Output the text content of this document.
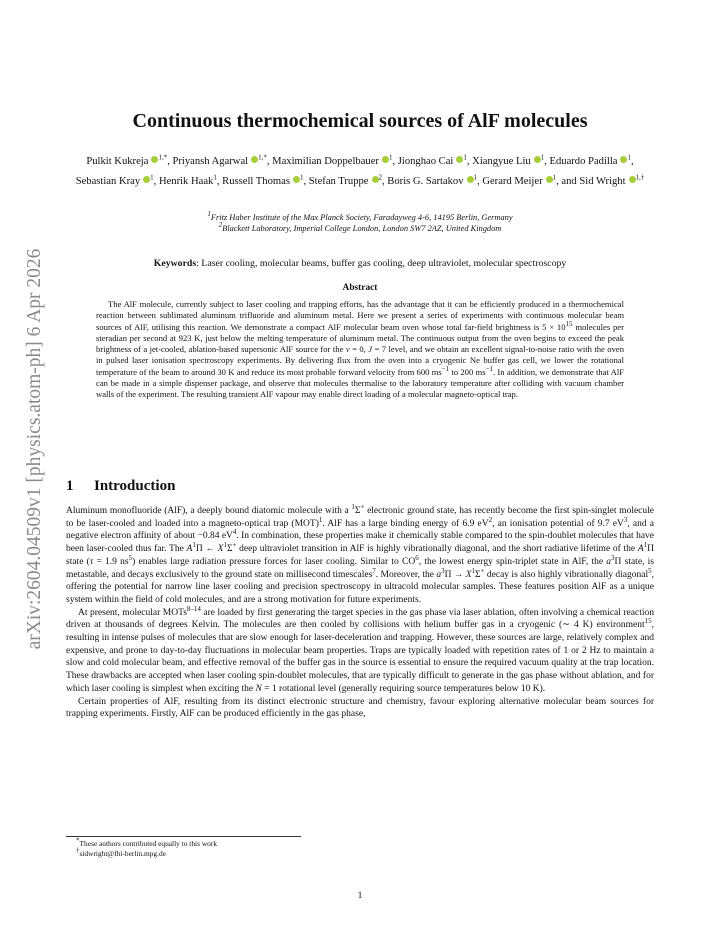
arXiv:2604.04509v1 [physics.atom-ph] 6 Apr 2026
Continuous thermochemical sources of AlF molecules
Pulkit Kukreja $^{1,*}$, Priyansh Agarwal $^{1,*}$, Maximilian Doppelbauer $^1$, Jionghao Cai $^1$, Xiangyue Liu $^1$, Eduardo Padilla $^1$, Sebastian Kray $^1$, Henrik Haak$^1$, Russell Thomas $^1$, Stefan Truppe $^2$, Boris G. Sartakov $^1$, Gerard Meijer $^1$, and Sid Wright $^{1,\dagger}$
$^1$Fritz Haber Institute of the Max Planck Society, Faradayweg 4-6, 14195 Berlin, Germany
$^2$Blackett Laboratory, Imperial College London, London SW7 2AZ, United Kingdom
Keywords: Laser cooling, molecular beams, buffer gas cooling, deep ultraviolet, molecular spectroscopy
Abstract
The AlF molecule, currently subject to laser cooling and trapping efforts, has the advantage that it can be efficiently produced in a thermochemical reaction between sublimated aluminum trifluoride and aluminum metal. Here we present a series of experiments with continuous molecular beam sources of AlF, utilising this reaction. We demonstrate a compact AlF molecular beam oven whose total far-field brightness is $5 \times 10^{15}$ molecules per steradian per second at 923 K, just below the melting temperature of aluminum metal. The continuous output from the oven begins to exceed the peak brightness of a jet-cooled, ablation-based supersonic AlF source for the v = 0, J = 7 level, and we obtain an excellent signal-to-noise ratio with the oven in pulsed laser ionisation spectroscopy experiments. By delivering flux from the oven into a cryogenic Ne buffer gas cell, we lower the rotational temperature of the beam to around 30 K and reduce its most probable forward velocity from 600 $ms^{-1}$ to 200 $ms^{-1}$. In addition, we demonstrate that AlF can be made in a simple dispenser package, and observe that molecules thermalise to the laboratory temperature after colliding with vacuum chamber walls of the experiment. The resulting transient AlF vapour may enable direct loading of a molecular magneto-optical trap.
1 Introduction

Aluminum monofluoride (AlF), a deeply bound diatomic molecule with a $^1$Σ+ electronic ground state, has recently become the first spin-singlet molecule to be laser-cooled and loaded into a magneto-optical trap (MOT)$^1$. AlF has a large binding energy of 6.9 $eV^2$, an ionisation potential of 9.7 $eV^3$, and a negative electron affinity of about −0.84 $eV^4$. In combination, these properties make it chemically stable compared to the spin-doublet molecules that have been laser-cooled thus far. The $A^1\Pi$ ← $X^1\Sigma^+$ deep ultraviolet transition in AlF is highly vibrationally diagonal, and the short radiative lifetime of the $A^1\Pi$ state (τ = 1.9 $ns^5$) enables large radiation pressure forces for laser cooling. Similar to $CO^6$, the lowest energy spin-triplet state in AlF, the $a^3\Pi$ state, is metastable, and decays exclusively to the ground state on millisecond timescales$^7$. Moreover, the $a^3\Pi \to X^1\Sigma^+$ decay is also highly vibrationally diagonal$^5$, offering the potential for narrow line laser cooling and precision spectroscopy in ultracold molecular samples. These features position AlF as a unique system within the field of cold molecules, and are a strong motivation for future experiments.

At present, molecular MOTs$^{8-14}$ are loaded by first generating the target species in the gas phase via laser ablation, often involving a chemical reaction driven at thousands of degrees Kelvin. The molecules are then cooled by collisions with helium buffer gas in a cryogenic (∼ 4 K) environment$^{15}$, resulting in intense pulses of molecules that are slow enough for laser-deceleration and trapping. However, these sources are large, relatively complex and expensive, and prone to day-to-day fluctuations in molecular beam properties. Traps are typically loaded with repetition rates of 1 or 2 Hz to maintain a slow and cold molecular beam, and effective removal of the buffer gas in the source is essential to ensure the required vacuum quality at the trap location. These drawbacks are accepted when laser cooling spin-doublet molecules, that are typically difficult to generate in the gas phase without ablation, and for which laser cooling is simplest when exciting the N = 1 rotational level (generally requiring source temperatures below 10 K).

Certain properties of AlF, resulting from its distinct electronic structure and chemistry, favour exploring alternative molecular beam sources for trapping experiments. Firstly, AlF can be produced efficiently in the gas phase,

*These authors contributed equally to this work
†sidwright@fhi-berlin.mpg.de
1
